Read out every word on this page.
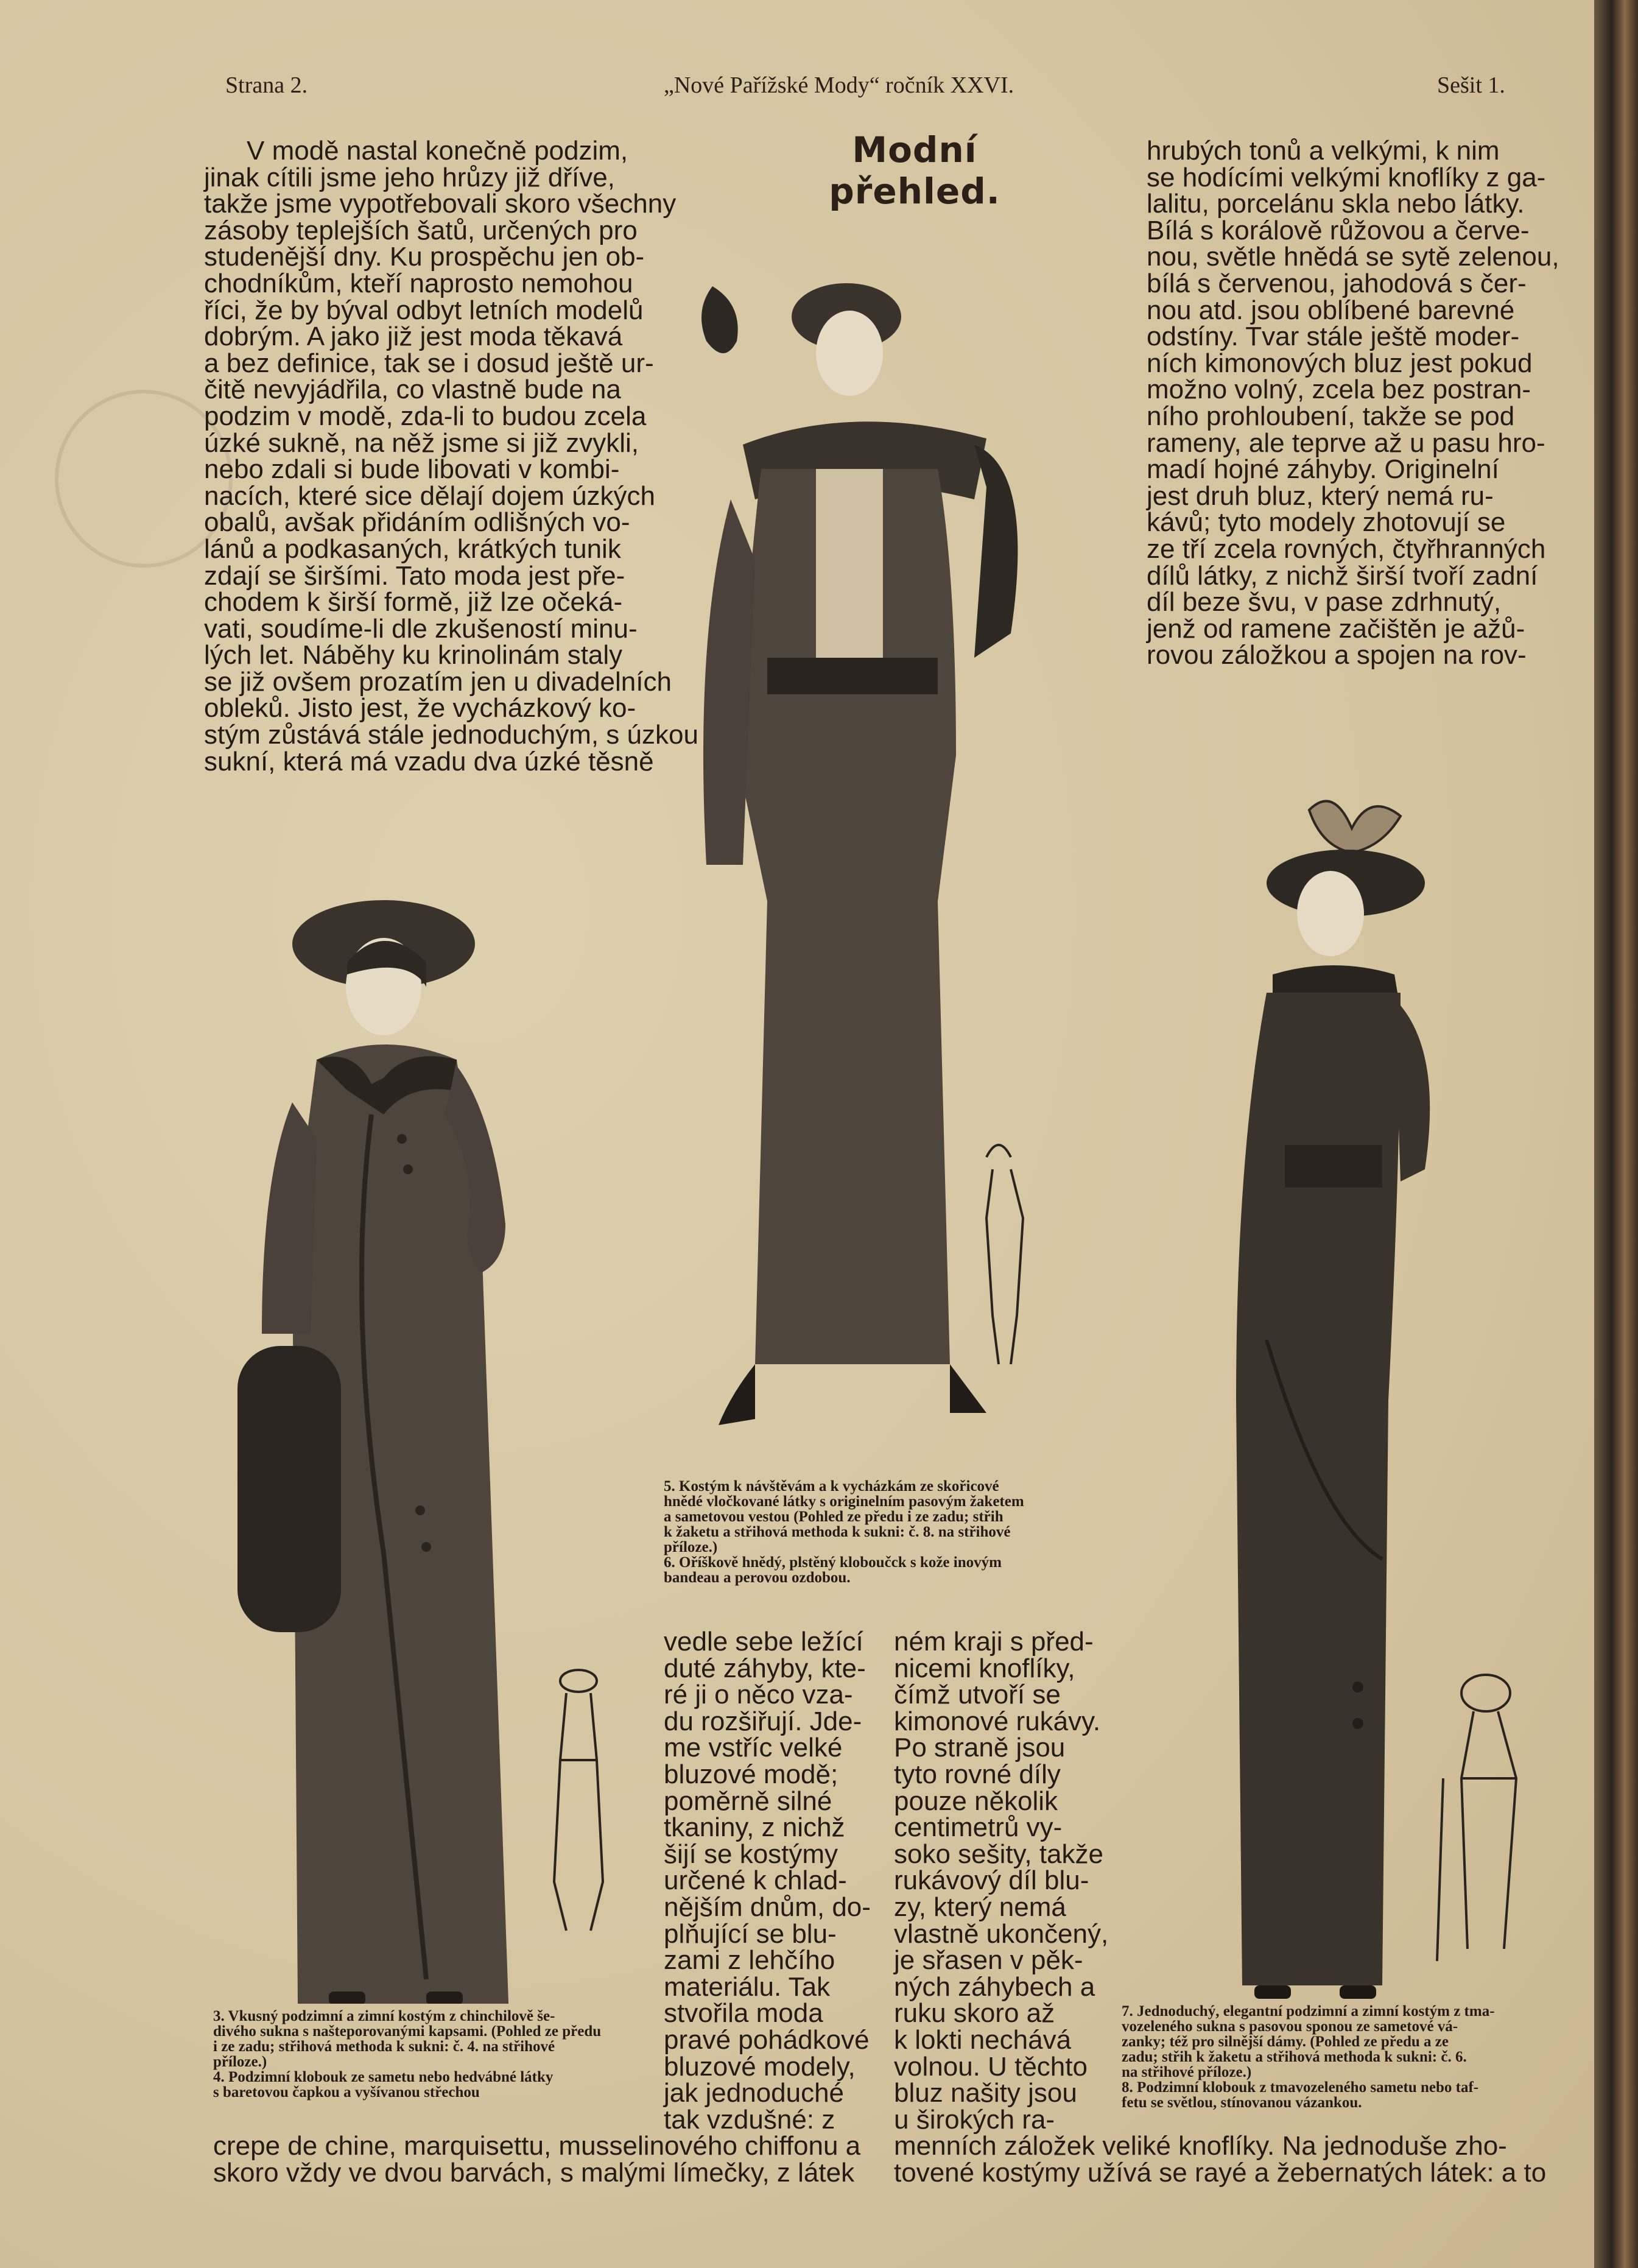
Strana 2.	„Nové Pařížské Mody“ ročník XXVI.	Sešit 1.
Modní přehled.
V modě nastal konečně podzim,
jinak cítili jsme jeho hrůzy již dříve,
takže jsme vypotřebovali skoro všechny
zásoby teplejších šatů, určených pro
studenější dny. Ku prospěchu jen ob-
chodníkům, kteří naprosto nemohou
říci, že by býval odbyt letních modelů
dobrým. A jako již jest moda těkavá
a bez definice, tak se i dosud ještě ur-
čitě nevyjádřila, co vlastně bude na
podzim v modě, zda-li to budou zcela
úzké sukně, na něž jsme si již zvykli,
nebo zdali si bude libovati v kombi-
nacích, které sice dělají dojem úzkých
obalů, avšak přidáním odlišných vo-
lánů a podkasaných, krátkých tunik
zdají se širšími. Tato moda jest pře-
chodem k širší formě, již lze očeká-
vati, soudíme-li dle zkušeností minu-
lých let. Náběhy ku krinolinám staly
se již ovšem prozatím jen u divadelních
obleků. Jisto jest, že vycházkový ko-
stým zůstává stále jednoduchým, s úzkou
sukní, která má vzadu dva úzké těsně
hrubých tonů a velkými, k nim
se hodícími velkými knoflíky z ga-
lalitu, porcelánu skla nebo látky.
Bílá s korálově růžovou a červe-
nou, světle hnědá se sytě zelenou,
bílá s červenou, jahodová s čer-
nou atd. jsou oblíbené barevné
odstíny. Tvar stále ještě moder-
ních kimonových bluz jest pokud
možno volný, zcela bez postran-
ního prohloubení, takže se pod
rameny, ale teprve až u pasu hro-
madí hojné záhyby. Originelní
jest druh bluz, který nemá ru-
kávů; tyto modely zhotovují se
ze tří zcela rovných, čtyřhranných
dílů látky, z nichž širší tvoří zadní
díl beze švu, v pase zdrhnutý,
jenž od ramene začištěn je ažů-
rovou záložkou a spojen na rov-
vedle sebe ležící
duté záhyby, kte-
ré ji o něco vza-
du rozšiřují. Jde-
me vstříc velké
bluzové modě;
poměrně silné
tkaniny, z nichž
šijí se kostýmy
určené k chlad-
nějším dnům, do-
plňující se blu-
zami z lehčího
materiálu. Tak
stvořila moda
pravé pohádkové
bluzové modely,
jak jednoduché
tak vzdušné: z
ném kraji s před-
nicemi knoflíky,
čímž utvoří se
kimonové rukávy.
Po straně jsou
tyto rovné díly
pouze několik
centimetrů vy-
soko sešity, takže
rukávový díl blu-
zy, který nemá
vlastně ukončený,
je sřasen v pěk-
ných záhybech a
ruku skoro až
k lokti nechává
volnou. U těchto
bluz našity jsou
u širokých ra-
crepe de chine, marquisettu, musselinového chiffonu a
skoro vždy ve dvou barvách, s malými límečky, z látek
menních záložek veliké knoflíky. Na jednoduše zho-
tovené kostýmy užívá se rayé a žebernatých látek: a to

5. Kostým k návštěvám a k vycházkám ze skořicové

hnědé vločkované látky s originelním pasovým žaketem

a sametovou vestou (Pohled ze předu i ze zadu; střih

k žaketu a střihová methoda k sukni: č. 8. na střihové

příloze.)

6. Oříškově hnědý, plstěný kloboučck s kože inovým

bandeau a perovou ozdobou.

3. Vkusný podzimní a zimní kostým z chinchilově še-

divého sukna s našteporovanými kapsami. (Pohled ze předu

i ze zadu; střihová methoda k sukni: č. 4. na střihové

příloze.)

4. Podzimní klobouk ze sametu nebo hedvábné látky

s baretovou čapkou a vyšívanou střechou

7. Jednoduchý, elegantní podzimní a zimní kostým z tma-

vozeleného sukna s pasovou sponou ze sametové vá-

zanky; též pro silnější dámy. (Pohled ze předu a ze

zadu; střih k žaketu a střihová methoda k sukni: č. 6.

na střihové příloze.)

8. Podzimní klobouk z tmavozeleného sametu nebo taf-

fetu se světlou, stínovanou vázankou.
